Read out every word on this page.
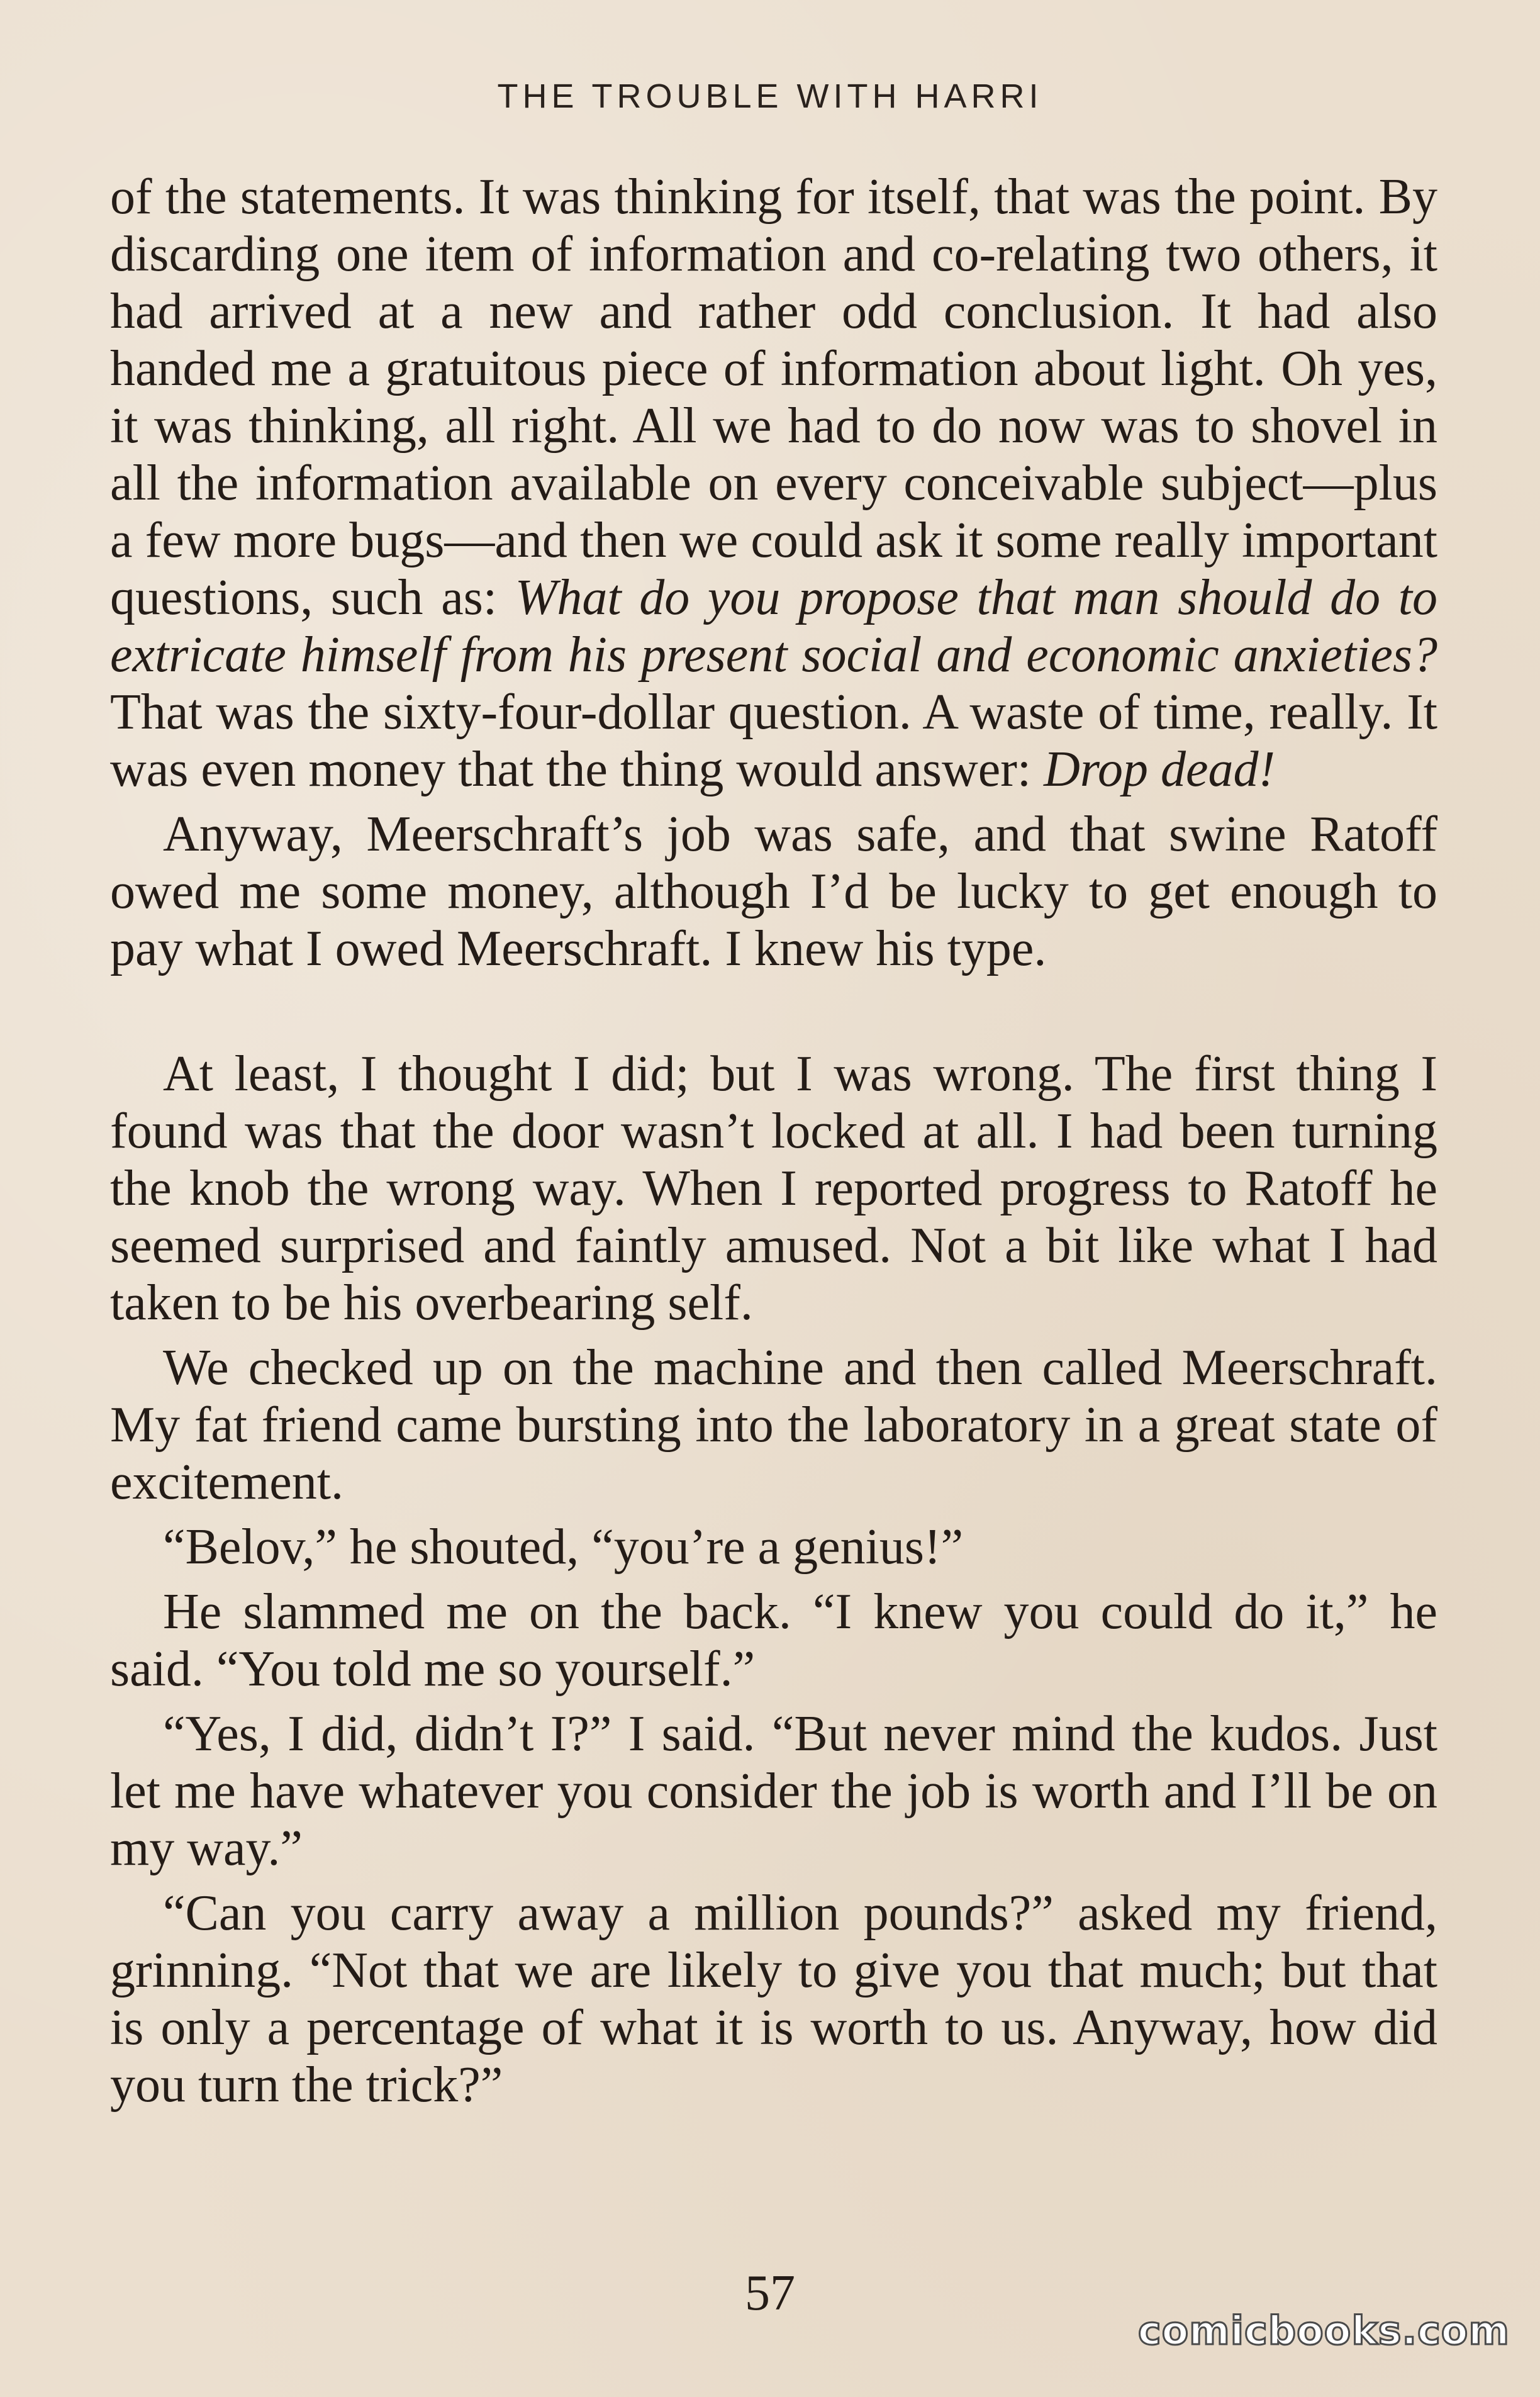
THE TROUBLE WITH HARRI

of the statements. It was thinking for itself, that was the point. By discarding one item of information and co-relating two others, it had arrived at a new and rather odd conclusion. It had also handed me a gratuitous piece of information about light. Oh yes, it was thinking, all right. All we had to do now was to shovel in all the information available on every conceivable subject—plus a few more bugs—and then we could ask it some really important questions, such as: What do you propose that man should do to extricate himself from his present social and economic anxieties? That was the sixty-four-dollar question. A waste of time, really. It was even money that the thing would answer: Drop dead!

Anyway, Meerschraft’s job was safe, and that swine Ratoff owed me some money, although I’d be lucky to get enough to pay what I owed Meerschraft. I knew his type.

At least, I thought I did; but I was wrong. The first thing I found was that the door wasn’t locked at all. I had been turning the knob the wrong way. When I reported progress to Ratoff he seemed surprised and faintly amused. Not a bit like what I had taken to be his overbearing self.

We checked up on the machine and then called Meerschraft. My fat friend came bursting into the laboratory in a great state of excitement.

“Belov,” he shouted, “you’re a genius!”

He slammed me on the back. “I knew you could do it,” he said. “You told me so yourself.”

“Yes, I did, didn’t I?” I said. “But never mind the kudos. Just let me have whatever you consider the job is worth and I’ll be on my way.”

“Can you carry away a million pounds?” asked my friend, grinning. “Not that we are likely to give you that much; but that is only a percentage of what it is worth to us. Anyway, how did you turn the trick?”

57
comicbooks.com
